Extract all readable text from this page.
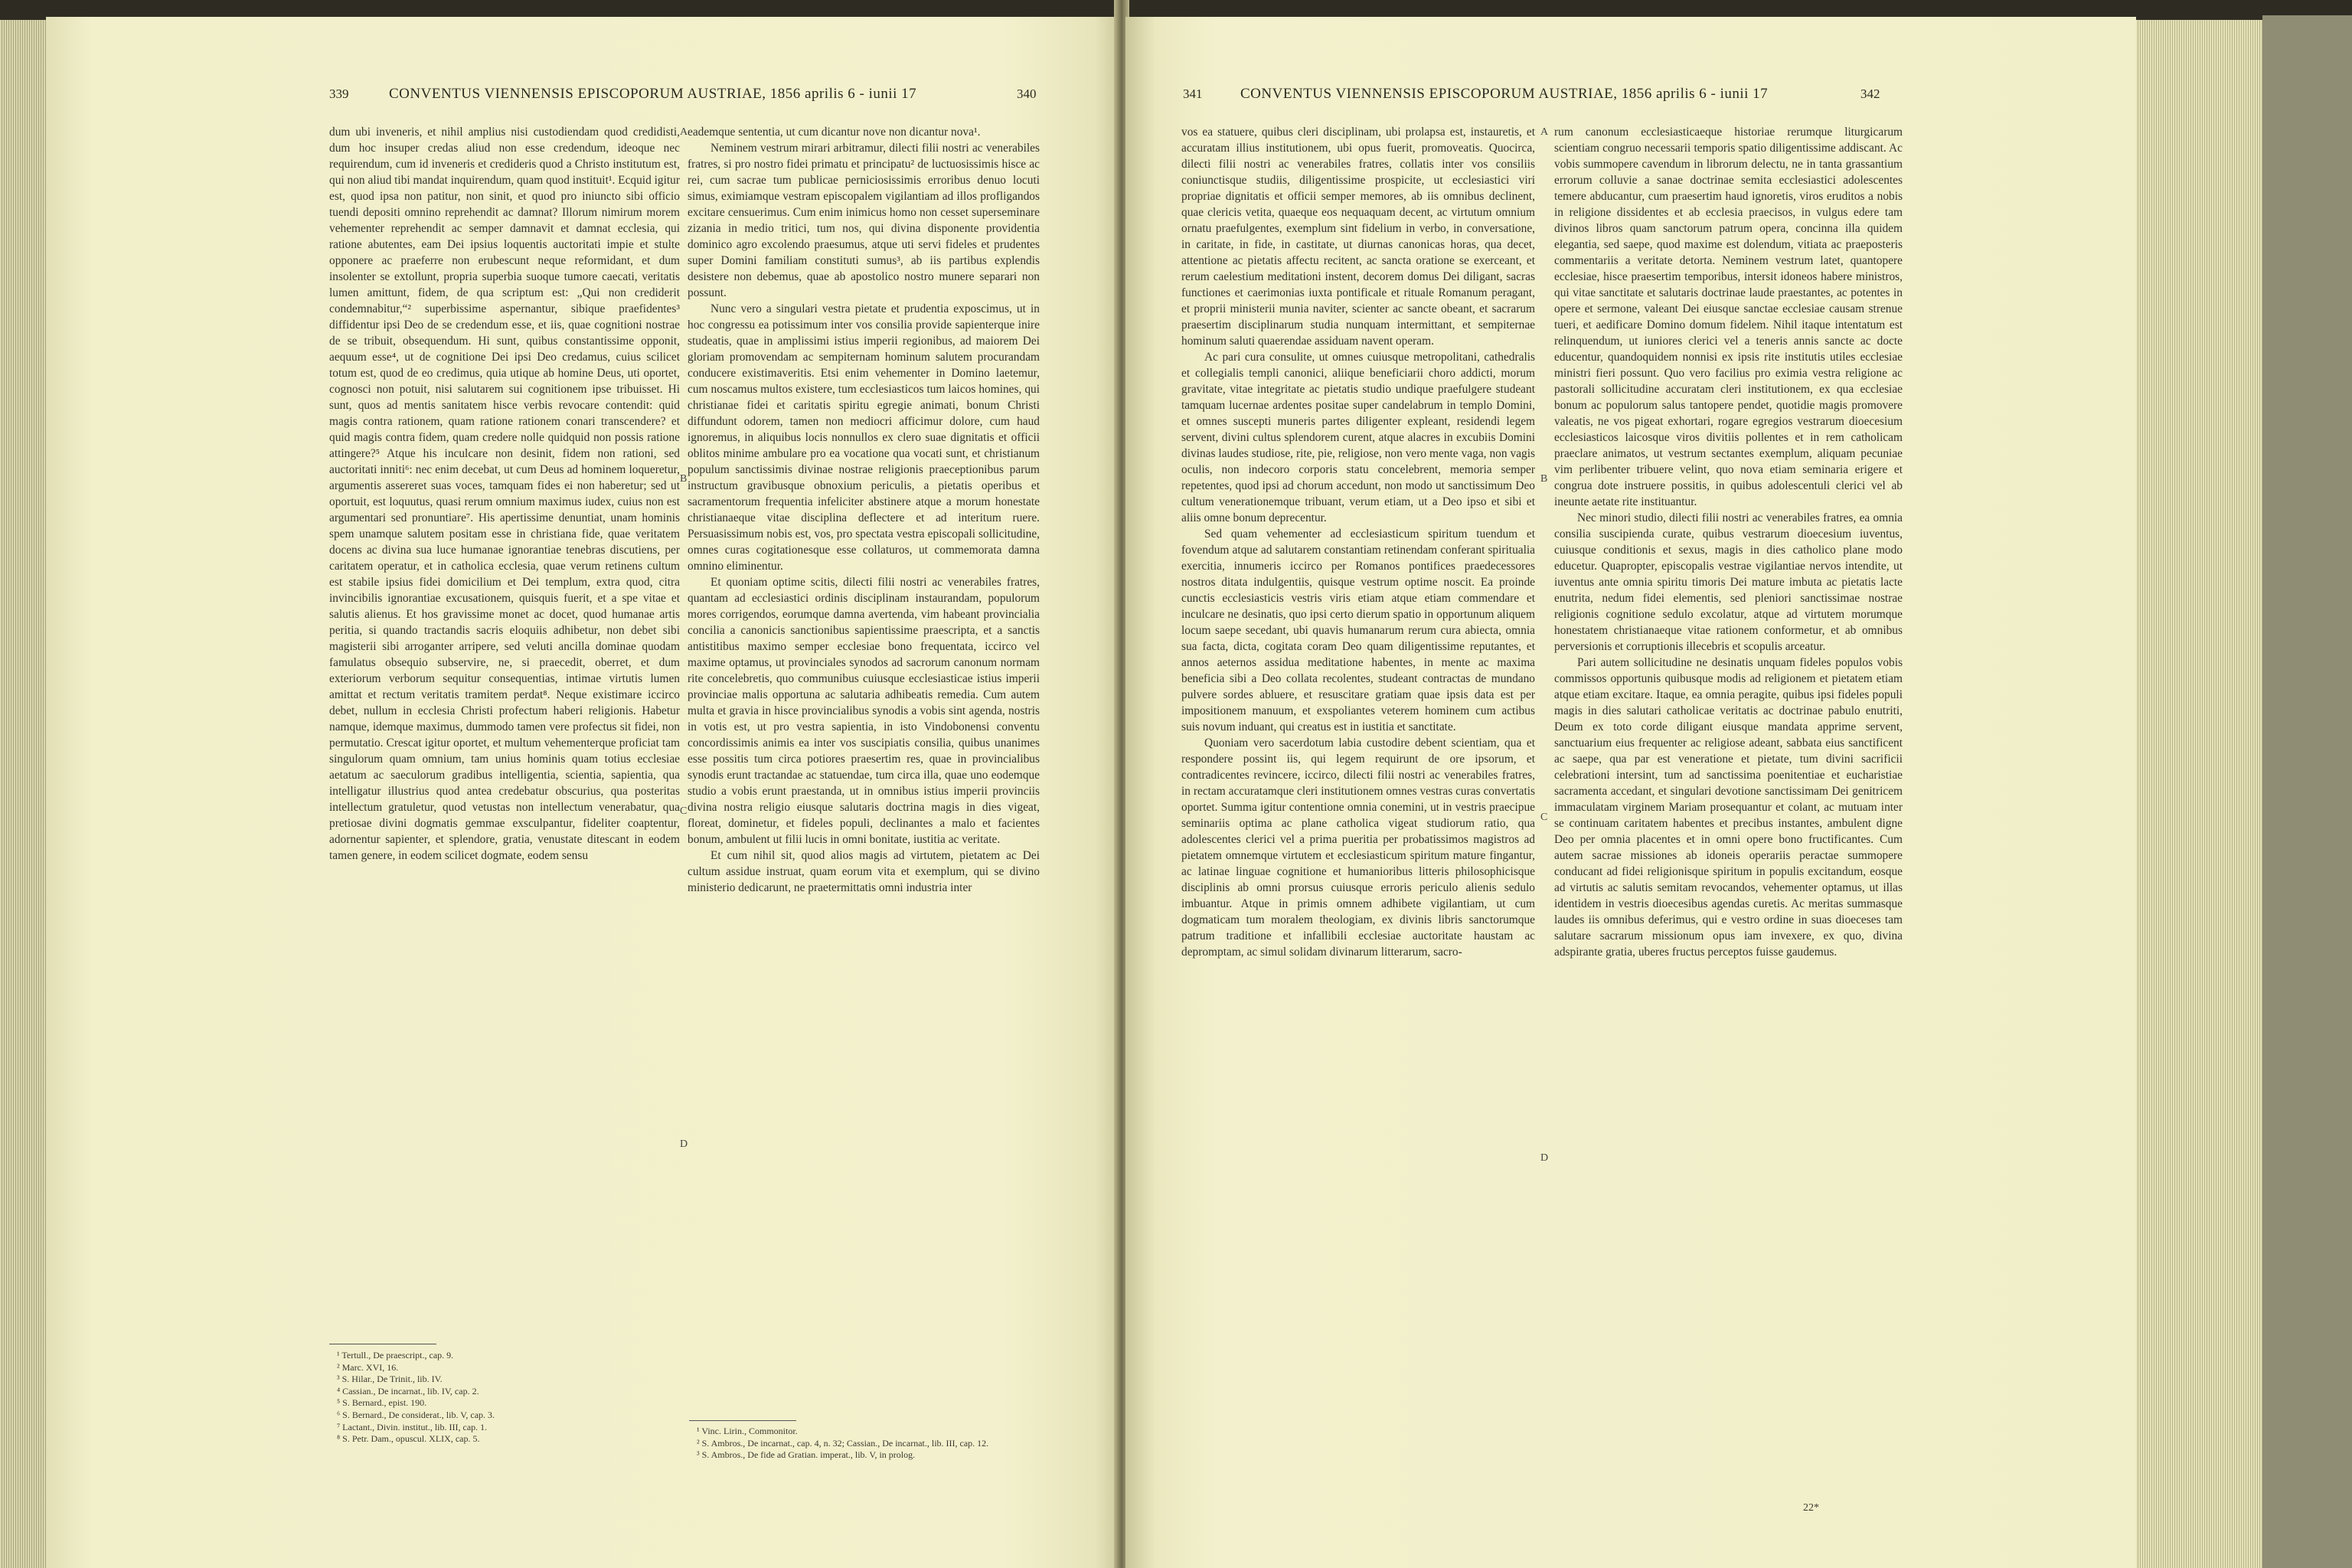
339	CONVENTUS VIENNENSIS EPISCOPORUM AUSTRIAE, 1856 aprilis 6 - iunii 17	340	341	CONVENTUS VIENNENSIS EPISCOPORUM AUSTRIAE, 1856 aprilis 6 - iunii 17	342

dum ubi inveneris, et nihil amplius nisi custodiendam quod credidisti, dum hoc insuper credas aliud non esse credendum, ideoque nec requirendum, cum id inveneris et credideris quod a Christo institutum est, qui non aliud tibi mandat inquirendum, quam quod instituit¹. Ecquid igitur est, quod ipsa non patitur, non sinit, et quod pro iniuncto sibi officio tuendi depositi omnino reprehendit ac damnat? Illorum nimirum morem vehementer reprehendit ac semper damnavit et damnat ecclesia, qui ratione abutentes, eam Dei ipsius loquentis auctoritati impie et stulte opponere ac praeferre non erubescunt neque reformidant, et dum insolenter se extollunt, propria superbia suoque tumore caecati, veritatis lumen amittunt, fidem, de qua scriptum est: „Qui non crediderit condemnabitur,“² superbissime aspernantur, sibique praefidentes³ diffidentur ipsi Deo de se credendum esse, et iis, quae cognitioni nostrae de se tribuit, obsequendum. Hi sunt, quibus constantissime opponit, aequum esse⁴, ut de cognitione Dei ipsi Deo credamus, cuius scilicet totum est, quod de eo credimus, quia utique ab homine Deus, uti oportet, cognosci non potuit, nisi salutarem sui cognitionem ipse tribuisset. Hi sunt, quos ad mentis sanitatem hisce verbis revocare contendit: quid magis contra rationem, quam ratione rationem conari transcendere? et quid magis contra fidem, quam credere nolle quidquid non possis ratione attingere?⁵ Atque his inculcare non desinit, fidem non rationi, sed auctoritati inniti⁶: nec enim decebat, ut cum Deus ad hominem loqueretur, argumentis assereret suas voces, tamquam fides ei non haberetur; sed ut oportuit, est loquutus, quasi rerum omnium maximus iudex, cuius non est argumentari sed pronuntiare⁷. His apertissime denuntiat, unam hominis spem unamque salutem positam esse in christiana fide, quae veritatem docens ac divina sua luce humanae ignorantiae tenebras discutiens, per caritatem operatur, et in catholica ecclesia, quae verum retinens cultum est stabile ipsius fidei domicilium et Dei templum, extra quod, citra invincibilis ignorantiae excusationem, quisquis fuerit, et a spe vitae et salutis alienus. Et hos gravissime monet ac docet, quod humanae artis peritia, si quando tractandis sacris eloquiis adhibetur, non debet sibi magisterii sibi arroganter arripere, sed veluti ancilla dominae quodam famulatus obsequio subservire, ne, si praecedit, oberret, et dum exteriorum verborum sequitur consequentias, intimae virtutis lumen amittat et rectum veritatis tramitem perdat⁸. Neque existimare iccirco debet, nullum in ecclesia Christi profectum haberi religionis. Habetur namque, idemque maximus, dummodo tamen vere profectus sit fidei, non permutatio. Crescat igitur oportet, et multum vehementerque proficiat tam singulorum quam omnium, tam unius hominis quam totius ecclesiae aetatum ac saeculorum gradibus intelligentia, scientia, sapientia, qua intelligatur illustrius quod antea credebatur obscurius, qua posteritas intellectum gratuletur, quod vetustas non intellectum venerabatur, qua pretiosae divini dogmatis gemmae exsculpantur, fideliter coaptentur, adornentur sapienter, et splendore, gratia, venustate ditescant in eodem tamen genere, in eodem scilicet dogmate, eodem sensu

eademque sententia, ut cum dicantur nove non dicantur nova¹.

Neminem vestrum mirari arbitramur, dilecti filii nostri ac venerabiles fratres, si pro nostro fidei primatu et principatu² de luctuosissimis hisce ac rei, cum sacrae tum publicae perniciosissimis erroribus denuo locuti simus, eximiamque vestram episcopalem vigilantiam ad illos profligandos excitare censuerimus. Cum enim inimicus homo non cesset superseminare zizania in medio tritici, tum nos, qui divina disponente providentia dominico agro excolendo praesumus, atque uti servi fideles et prudentes super Domini familiam constituti sumus³, ab iis partibus explendis desistere non debemus, quae ab apostolico nostro munere separari non possunt.

Nunc vero a singulari vestra pietate et prudentia exposcimus, ut in hoc congressu ea potissimum inter vos consilia provide sapienterque inire studeatis, quae in amplissimi istius imperii regionibus, ad maiorem Dei gloriam promovendam ac sempiternam hominum salutem procurandam conducere existimaveritis. Etsi enim vehementer in Domino laetemur, cum noscamus multos existere, tum ecclesiasticos tum laicos homines, qui christianae fidei et caritatis spiritu egregie animati, bonum Christi diffundunt odorem, tamen non mediocri afficimur dolore, cum haud ignoremus, in aliquibus locis nonnullos ex clero suae dignitatis et officii oblitos minime ambulare pro ea vocatione qua vocati sunt, et christianum populum sanctissimis divinae nostrae religionis praeceptionibus parum instructum gravibusque obnoxium periculis, a pietatis operibus et sacramentorum frequentia infeliciter abstinere atque a morum honestate christianaeque vitae disciplina deflectere et ad interitum ruere. Persuasissimum nobis est, vos, pro spectata vestra episcopali sollicitudine, omnes curas cogitationesque esse collaturos, ut commemorata damna omnino eliminentur.

Et quoniam optime scitis, dilecti filii nostri ac venerabiles fratres, quantam ad ecclesiastici ordinis disciplinam instaurandam, populorum mores corrigendos, eorumque damna avertenda, vim habeant provincialia concilia a canonicis sanctionibus sapientissime praescripta, et a sanctis antistitibus maximo semper ecclesiae bono frequentata, iccirco vel maxime optamus, ut provinciales synodos ad sacrorum canonum normam rite concelebretis, quo communibus cuiusque ecclesiasticae istius imperii provinciae malis opportuna ac salutaria adhibeatis remedia. Cum autem multa et gravia in hisce provincialibus synodis a vobis sint agenda, nostris in votis est, ut pro vestra sapientia, in isto Vindobonensi conventu concordissimis animis ea inter vos suscipiatis consilia, quibus unanimes esse possitis tum circa potiores praesertim res, quae in provincialibus synodis erunt tractandae ac statuendae, tum circa illa, quae uno eodemque studio a vobis erunt praestanda, ut in omnibus istius imperii provinciis divina nostra religio eiusque salutaris doctrina magis in dies vigeat, floreat, dominetur, et fideles populi, declinantes a malo et facientes bonum, ambulent ut filii lucis in omni bonitate, iustitia ac veritate.

Et cum nihil sit, quod alios magis ad virtutem, pietatem ac Dei cultum assidue instruat, quam eorum vita et exemplum, qui se divino ministerio dedicarunt, ne praetermittatis omni industria inter

A
B
C
D
¹ Tertull., De praescript., cap. 9.
² Marc. XVI, 16.
³ S. Hilar., De Trinit., lib. IV.
⁴ Cassian., De incarnat., lib. IV, cap. 2.
⁵ S. Bernard., epist. 190.
⁶ S. Bernard., De considerat., lib. V, cap. 3.
⁷ Lactant., Divin. institut., lib. III, cap. 1.
⁸ S. Petr. Dam., opuscul. XLIX, cap. 5.
¹ Vinc. Lirin., Commonitor.
² S. Ambros., De incarnat., cap. 4, n. 32; Cassian., De incarnat., lib. III, cap. 12.
³ S. Ambros., De fide ad Gratian. imperat., lib. V, in prolog.

vos ea statuere, quibus cleri disciplinam, ubi prolapsa est, instauretis, et accuratam illius institutionem, ubi opus fuerit, promoveatis. Quocirca, dilecti filii nostri ac venerabiles fratres, collatis inter vos consiliis coniunctisque studiis, diligentissime prospicite, ut ecclesiastici viri propriae dignitatis et officii semper memores, ab iis omnibus declinent, quae clericis vetita, quaeque eos nequaquam decent, ac virtutum omnium ornatu praefulgentes, exemplum sint fidelium in verbo, in conversatione, in caritate, in fide, in castitate, ut diurnas canonicas horas, qua decet, attentione ac pietatis affectu recitent, ac sancta oratione se exerceant, et rerum caelestium meditationi instent, decorem domus Dei diligant, sacras functiones et caerimonias iuxta pontificale et rituale Romanum peragant, et proprii ministerii munia naviter, scienter ac sancte obeant, et sacrarum praesertim disciplinarum studia nunquam intermittant, et sempiternae hominum saluti quaerendae assiduam navent operam.

Ac pari cura consulite, ut omnes cuiusque metropolitani, cathedralis et collegialis templi canonici, aliique beneficiarii choro addicti, morum gravitate, vitae integritate ac pietatis studio undique praefulgere studeant tamquam lucernae ardentes positae super candelabrum in templo Domini, et omnes suscepti muneris partes diligenter expleant, residendi legem servent, divini cultus splendorem curent, atque alacres in excubiis Domini divinas laudes studiose, rite, pie, religiose, non vero mente vaga, non vagis oculis, non indecoro corporis statu concelebrent, memoria semper repetentes, quod ipsi ad chorum accedunt, non modo ut sanctissimum Deo cultum venerationemque tribuant, verum etiam, ut a Deo ipso et sibi et aliis omne bonum deprecentur.

Sed quam vehementer ad ecclesiasticum spiritum tuendum et fovendum atque ad salutarem constantiam retinendam conferant spiritualia exercitia, innumeris iccirco per Romanos pontifices praedecessores nostros ditata indulgentiis, quisque vestrum optime noscit. Ea proinde cunctis ecclesiasticis vestris viris etiam atque etiam commendare et inculcare ne desinatis, quo ipsi certo dierum spatio in opportunum aliquem locum saepe secedant, ubi quavis humanarum rerum cura abiecta, omnia sua facta, dicta, cogitata coram Deo quam diligentissime reputantes, et annos aeternos assidua meditatione habentes, in mente ac maxima beneficia sibi a Deo collata recolentes, studeant contractas de mundano pulvere sordes abluere, et resuscitare gratiam quae ipsis data est per impositionem manuum, et exspoliantes veterem hominem cum actibus suis novum induant, qui creatus est in iustitia et sanctitate.

Quoniam vero sacerdotum labia custodire debent scientiam, qua et respondere possint iis, qui legem requirunt de ore ipsorum, et contradicentes revincere, iccirco, dilecti filii nostri ac venerabiles fratres, in rectam accuratamque cleri institutionem omnes vestras curas convertatis oportet. Summa igitur contentione omnia conemini, ut in vestris praecipue seminariis optima ac plane catholica vigeat studiorum ratio, qua adolescentes clerici vel a prima pueritia per probatissimos magistros ad pietatem omnemque virtutem et ecclesiasticum spiritum mature fingantur, ac latinae linguae cognitione et humanioribus litteris philosophicisque disciplinis ab omni prorsus cuiusque erroris periculo alienis sedulo imbuantur. Atque in primis omnem adhibete vigilantiam, ut cum dogmaticam tum moralem theologiam, ex divinis libris sanctorumque patrum traditione et infallibili ecclesiae auctoritate haustam ac depromptam, ac simul solidam divinarum litterarum, sacro-

A
B
C
D

rum canonum ecclesiasticaeque historiae rerumque liturgicarum scientiam congruo necessarii temporis spatio diligentissime addiscant. Ac vobis summopere cavendum in librorum delectu, ne in tanta grassantium errorum colluvie a sanae doctrinae semita ecclesiastici adolescentes temere abducantur, cum praesertim haud ignoretis, viros eruditos a nobis in religione dissidentes et ab ecclesia praecisos, in vulgus edere tam divinos libros quam sanctorum patrum opera, concinna illa quidem elegantia, sed saepe, quod maxime est dolendum, vitiata ac praeposteris commentariis a veritate detorta. Neminem vestrum latet, quantopere ecclesiae, hisce praesertim temporibus, intersit idoneos habere ministros, qui vitae sanctitate et salutaris doctrinae laude praestantes, ac potentes in opere et sermone, valeant Dei eiusque sanctae ecclesiae causam strenue tueri, et aedificare Domino domum fidelem. Nihil itaque intentatum est relinquendum, ut iuniores clerici vel a teneris annis sancte ac docte educentur, quandoquidem nonnisi ex ipsis rite institutis utiles ecclesiae ministri fieri possunt. Quo vero facilius pro eximia vestra religione ac pastorali sollicitudine accuratam cleri institutionem, ex qua ecclesiae bonum ac populorum salus tantopere pendet, quotidie magis promovere valeatis, ne vos pigeat exhortari, rogare egregios vestrarum dioecesium ecclesiasticos laicosque viros divitiis pollentes et in rem catholicam praeclare animatos, ut vestrum sectantes exemplum, aliquam pecuniae vim perlibenter tribuere velint, quo nova etiam seminaria erigere et congrua dote instruere possitis, in quibus adolescentuli clerici vel ab ineunte aetate rite instituantur.

Nec minori studio, dilecti filii nostri ac venerabiles fratres, ea omnia consilia suscipienda curate, quibus vestrarum dioecesium iuventus, cuiusque conditionis et sexus, magis in dies catholico plane modo educetur. Quapropter, episcopalis vestrae vigilantiae nervos intendite, ut iuventus ante omnia spiritu timoris Dei mature imbuta ac pietatis lacte enutrita, nedum fidei elementis, sed pleniori sanctissimae nostrae religionis cognitione sedulo excolatur, atque ad virtutem morumque honestatem christianaeque vitae rationem conformetur, et ab omnibus perversionis et corruptionis illecebris et scopulis arceatur.

Pari autem sollicitudine ne desinatis unquam fideles populos vobis commissos opportunis quibusque modis ad religionem et pietatem etiam atque etiam excitare. Itaque, ea omnia peragite, quibus ipsi fideles populi magis in dies salutari catholicae veritatis ac doctrinae pabulo enutriti, Deum ex toto corde diligant eiusque mandata apprime servent, sanctuarium eius frequenter ac religiose adeant, sabbata eius sanctificent ac saepe, qua par est venerationе et pietate, tum divini sacrificii celebrationi intersint, tum ad sanctissima poenitentiae et eucharistiae sacramenta accedant, et singulari devotione sanctissimam Dei genitricem immaculatam virginem Mariam prosequantur et colant, ac mutuam inter se continuam caritatem habentes et precibus instantes, ambulent digne Deo per omnia placentes et in omni opere bono fructificantes. Cum autem sacrae missiones ab idoneis operariis peractae summopere conducant ad fidei religionisque spiritum in populis excitandum, eosque ad virtutis ac salutis semitam revocandos, vehementer optamus, ut illas identidem in vestris dioecesibus agendas curetis. Ac meritas summasque laudes iis omnibus deferimus, qui e vestro ordine in suas dioeceses tam salutare sacrarum missionum opus iam invexere, ex quo, divina adspirante gratia, uberes fructus perceptos fuisse gaudemus.

22*
